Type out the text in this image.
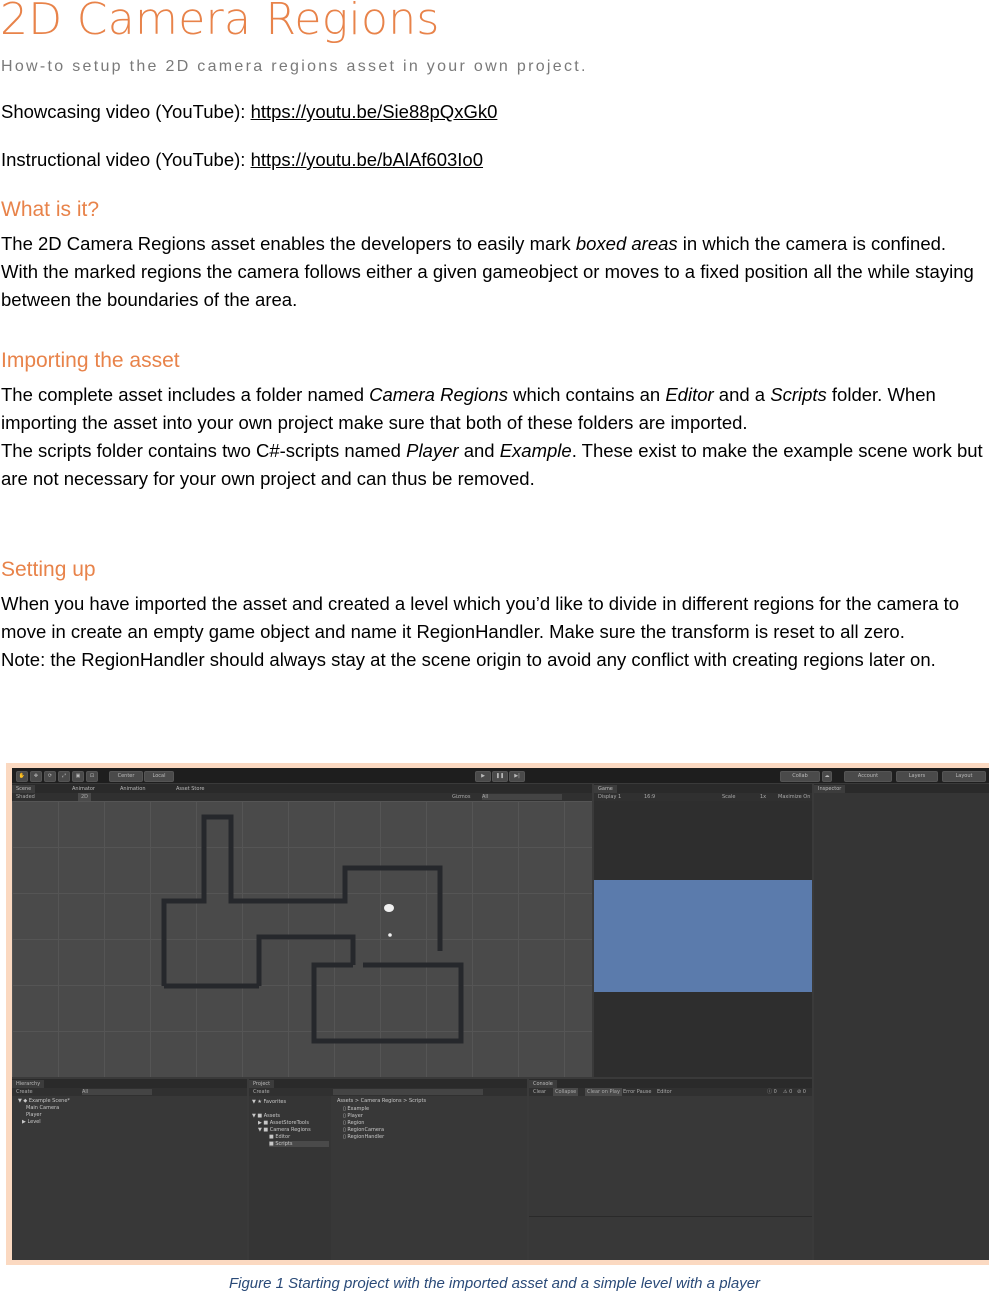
2D Camera Regions
How-to setup the 2D camera regions asset in your own project.
Showcasing video (YouTube): https://youtu.be/Sie88pQxGk0
Instructional video (YouTube): https://youtu.be/bAlAf603Io0
What is it?

The 2D Camera Regions asset enables the developers to easily mark boxed areas in which the camera is confined. With the marked regions the camera follows either a given gameobject or moves to a fixed position all the while staying between the boundaries of the area.

Importing the asset

The complete asset includes a folder named Camera Regions which contains an Editor and a Scripts folder. When importing the asset into your own project make sure that both of these folders are imported.

The scripts folder contains two C#-scripts named Player and Example. These exist to make the example scene work but are not necessary for your own project and can thus be removed.

Setting up

When you have imported the asset and created a level which you’d like to divide in different regions for the camera to move in create an empty game object and name it RegionHandler. Make sure the transform is reset to all zero.

Note: the RegionHandler should always stay at the scene origin to avoid any conflict with creating regions later on.

✋	✥	⟳	⤢	▣	⊡	Center	Local	▶	❚❚	▶|	Collab	☁	Account	Layers	Layout
Scene	Animator	Animation	Asset Store
Shaded	2D	Gizmos All
Game
Display 1	16:9	Scale	1x Maximize On
Inspector
Hierarchy
Create	All
▼ ◆ Example Scene*
Main Camera
Player
▶ Level
Project
Create
▼ ★ Favorites
▼ ■ Assets
▶ ■ AssetStoreTools
▼ ■ Camera Regions
■ Editor
■ Scripts
Assets > Camera Regions > Scripts
▯ Example
▯ Player
▯ Region
▯ RegionCamera
▯ RegionHandler
Console
Clear	Collapse	Clear on Play Error Pause Editor	ⓘ 0 ⚠ 0 ⊘ 0
Figure 1 Starting project with the imported asset and a simple level with a player
